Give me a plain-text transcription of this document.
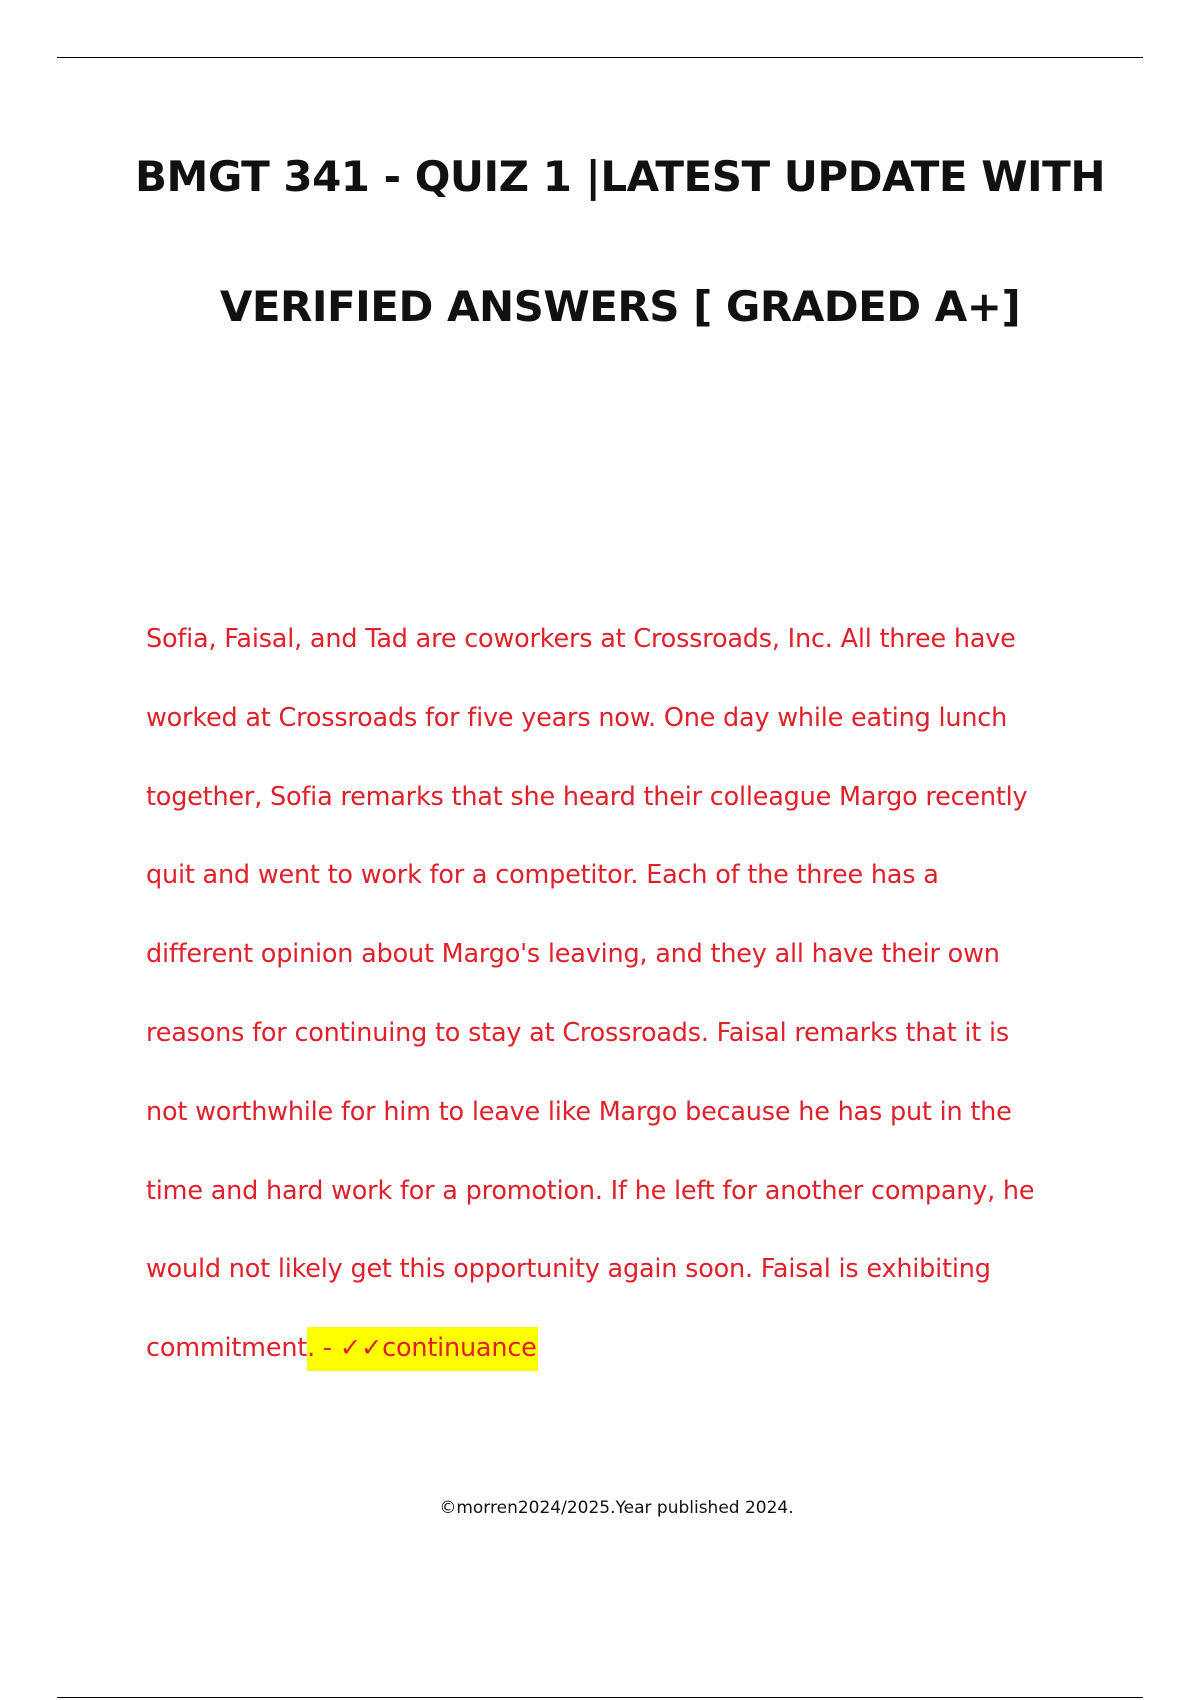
BMGT 341 - QUIZ 1 |LATEST UPDATE WITH
VERIFIED ANSWERS [ GRADED A+]
Sofia, Faisal, and Tad are coworkers at Crossroads, Inc. All three have
worked at Crossroads for five years now. One day while eating lunch
together, Sofia remarks that she heard their colleague Margo recently
quit and went to work for a competitor. Each of the three has a
different opinion about Margo's leaving, and they all have their own
reasons for continuing to stay at Crossroads. Faisal remarks that it is
not worthwhile for him to leave like Margo because he has put in the
time and hard work for a promotion. If he left for another company, he
would not likely get this opportunity again soon. Faisal is exhibiting
commitment. - ✓✓continuance
©morren2024/2025.Year published 2024.
